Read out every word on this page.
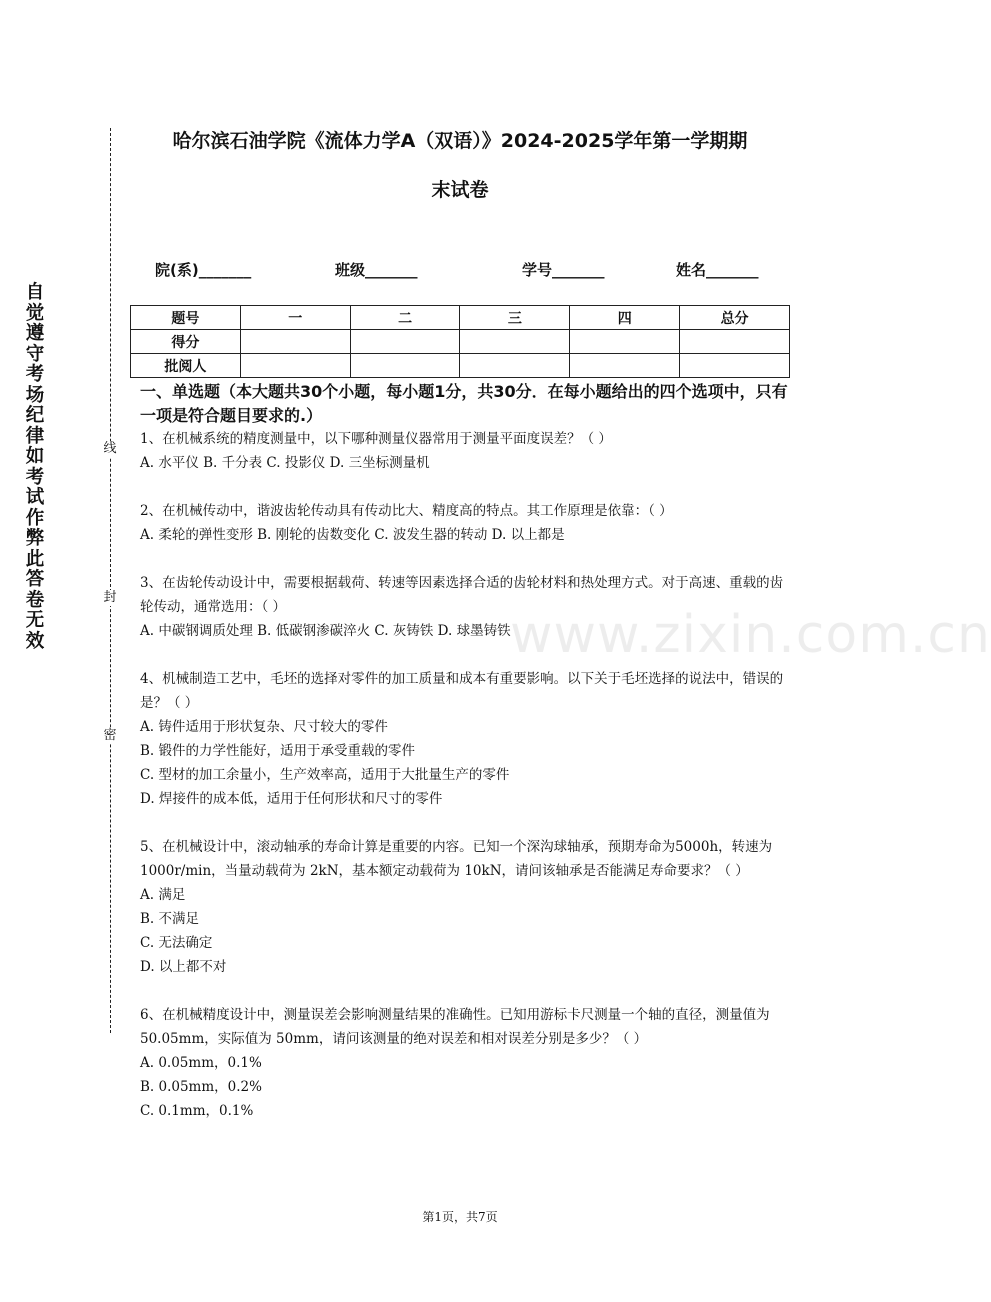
自觉遵守考场纪律如考试作弊此答卷无效
线
封
密
哈尔滨石油学院《流体力学A（双语）》2024-2025学年第一学期期
末试卷
院(系)_______	班级_______	学号_______	姓名_______
题号	一	二	三	四	总分
得分					
批阅人					
一、单选题（本大题共30个小题，每小题1分，共30分．在每小题给出的四个选项中，只有一项是符合题目要求的.）

1、在机械系统的精度测量中，以下哪种测量仪器常用于测量平面度误差？（ ）

A. 水平仪 B. 千分表 C. 投影仪 D. 三坐标测量机

2、在机械传动中，谐波齿轮传动具有传动比大、精度高的特点。其工作原理是依靠：（ ）

A. 柔轮的弹性变形 B. 刚轮的齿数变化 C. 波发生器的转动 D. 以上都是

3、在齿轮传动设计中，需要根据载荷、转速等因素选择合适的齿轮材料和热处理方式。对于高速、重载的齿轮传动，通常选用：（ ）

A. 中碳钢调质处理 B. 低碳钢渗碳淬火 C. 灰铸铁 D. 球墨铸铁

4、机械制造工艺中，毛坯的选择对零件的加工质量和成本有重要影响。以下关于毛坯选择的说法中，错误的是？（ ）

A. 铸件适用于形状复杂、尺寸较大的零件

B. 锻件的力学性能好，适用于承受重载的零件

C. 型材的加工余量小，生产效率高，适用于大批量生产的零件

D. 焊接件的成本低，适用于任何形状和尺寸的零件

5、在机械设计中，滚动轴承的寿命计算是重要的内容。已知一个深沟球轴承，预期寿命为5000h，转速为 1000r/min，当量动载荷为 2kN，基本额定动载荷为 10kN，请问该轴承是否能满足寿命要求？（ ）

A. 满足

B. 不满足

C. 无法确定

D. 以上都不对

6、在机械精度设计中，测量误差会影响测量结果的准确性。已知用游标卡尺测量一个轴的直径，测量值为 50.05mm，实际值为 50mm，请问该测量的绝对误差和相对误差分别是多少？（ ）

A. 0.05mm，0.1%

B. 0.05mm，0.2%

C. 0.1mm，0.1%

www.zixin.com.cn
第1页，共7页
